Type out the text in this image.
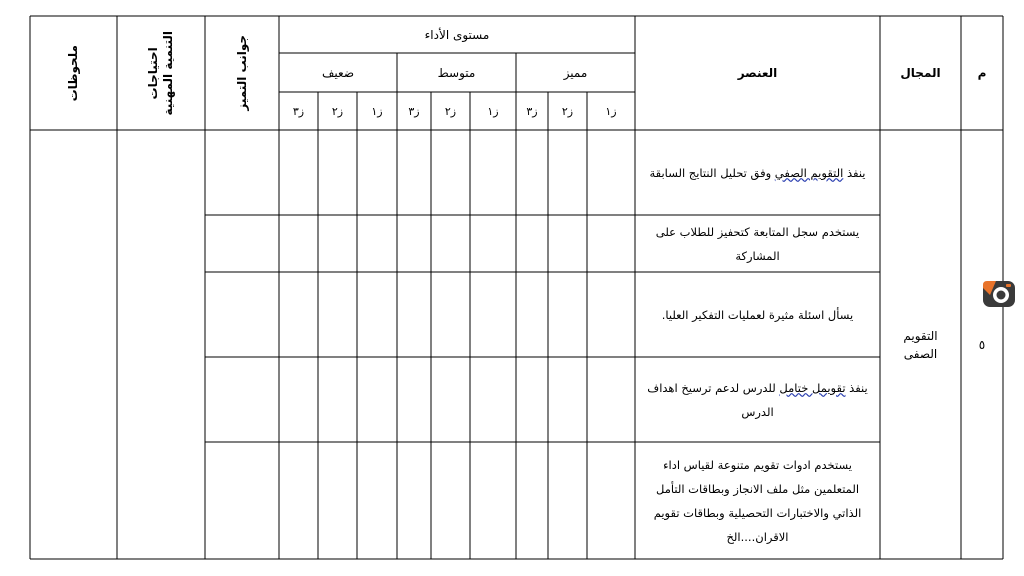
م
المجال
العنصر
مستوى الأداء
مميز
متوسط
ضعيف
ز١
ز٢
ز٣
ز١
ز٢
ز٣
ز١
ز٢
ز٣
جوانب التميز
احتياجات
التنمية المهنية
ملحوظات
٥
التقويم
الصفى
ينفذ التقويم الصفي وفق تحليل النتايج السابقة
يستخدم سجل المتابعة كتحفيز للطلاب على المشاركة
يسأل اسئلة مثيرة لعمليات التفكير العليا.
ينفذ تقويمل ختامل للدرس لدعم ترسيخ اهداف الدرس
يستخدم ادوات تقويم متنوعة لقياس اداء المتعلمين مثل ملف الانجاز وبطاقات التأمل الذاتي والاختبارات التحصيلية وبطاقات تقويم الاقران....الخ
